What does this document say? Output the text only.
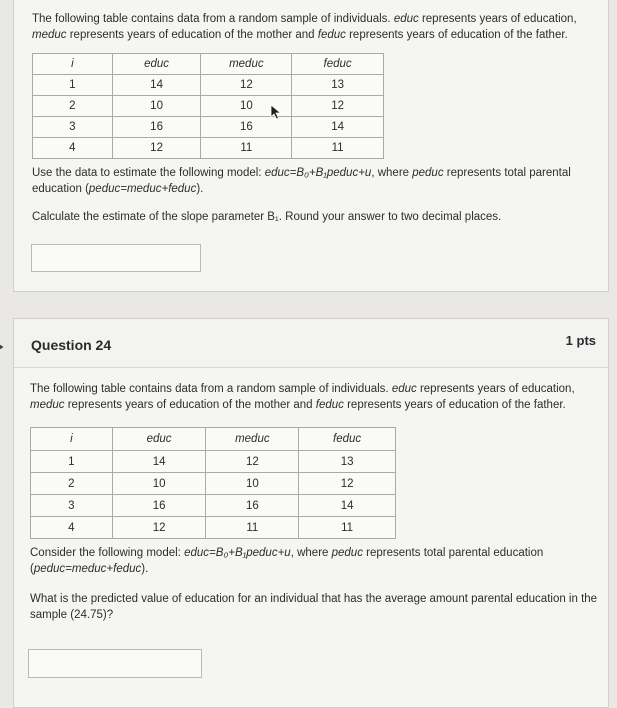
The following table contains data from a random sample of individuals. educ represents years of education, meduc represents years of education of the mother and feduc represents years of education of the father.
i	educ	meduc	feduc
1	14	12	13
2	10	10	12
3	16	16	14
4	12	11	11
Use the data to estimate the following model: educ=B₀+B₁peduc+u, where peduc represents total parental education (peduc=meduc+feduc).
Calculate the estimate of the slope parameter B₁. Round your answer to two decimal places.
Question 24	1 pts
The following table contains data from a random sample of individuals. educ represents years of education, meduc represents years of education of the mother and feduc represents years of education of the father.
i	educ	meduc	feduc
1	14	12	13
2	10	10	12
3	16	16	14
4	12	11	11
Consider the following model: educ=B₀+B₁peduc+u, where peduc represents total parental education (peduc=meduc+feduc).
What is the predicted value of education for an individual that has the average amount parental education in the sample (24.75)?
